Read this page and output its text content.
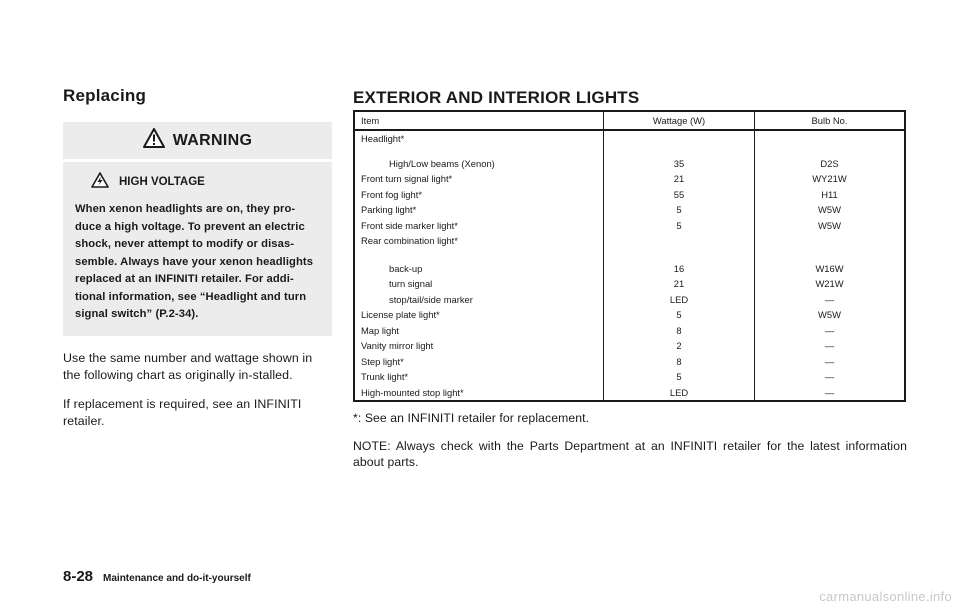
Replacing
WARNING
HIGH VOLTAGE
When xenon headlights are on, they pro-duce a high voltage. To prevent an electric shock, never attempt to modify or disas-semble. Always have your xenon headlights replaced at an INFINITI retailer. For addi-tional information, see “Headlight and turn signal switch” (P.2-34).

Use the same number and wattage shown in the following chart as originally in-stalled.

If replacement is required, see an INFINITI retailer.

EXTERIOR AND INTERIOR LIGHTS
Item	Wattage (W)	Bulb No.
Headlight*		

High/Low beams (Xenon)	35	D2S
Front turn signal light*	21	WY21W
Front fog light*	55	H11
Parking light*	5	W5W
Front side marker light*	5	W5W
Rear combination light*		

back-up	16	W16W
turn signal	21	W21W
stop/tail/side marker	LED	—
License plate light*	5	W5W
Map light	8	—
Vanity mirror light	2	—
Step light*	8	—
Trunk light*	5	—
High-mounted stop light*	LED	—

*: See an INFINITI retailer for replacement.

NOTE: Always check with the Parts Department at an INFINITI retailer for the latest information about parts.

8-28 Maintenance and do-it-yourself
carmanualsonline.info
